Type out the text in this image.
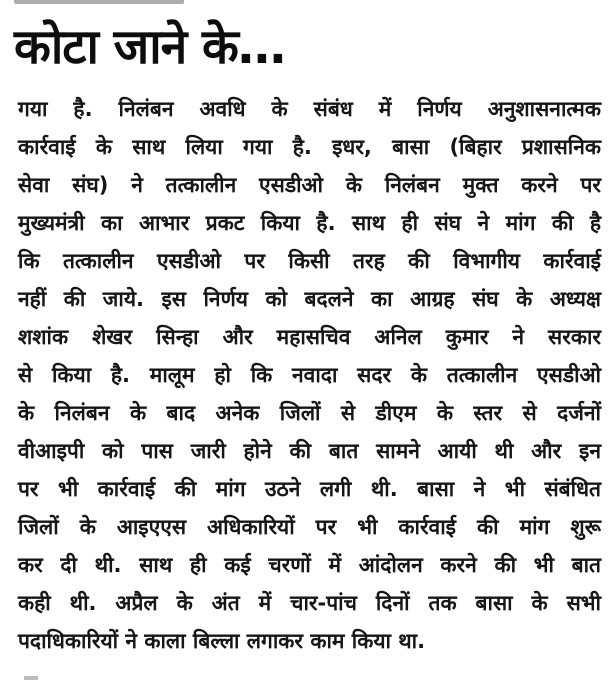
कोटा जाने के…
गया है. निलंबन अवधि के संबंध में निर्णय अनुशासनात्मक
कार्रवाई के साथ लिया गया है. इधर, बासा (बिहार प्रशासनिक
सेवा संघ) ने तत्कालीन एसडीओ के निलंबन मुक्त करने पर
मुख्यमंत्री का आभार प्रकट किया है. साथ ही संघ ने मांग की है
कि तत्कालीन एसडीओ पर किसी तरह की विभागीय कार्रवाई
नहीं की जाये. इस निर्णय को बदलने का आग्रह संघ के अध्यक्ष
शशांक शेखर सिन्हा और महासचिव अनिल कुमार ने सरकार
से किया है. मालूम हो कि नवादा सदर के तत्कालीन एसडीओ
के निलंबन के बाद अनेक जिलों से डीएम के स्तर से दर्जनों
वीआइपी को पास जारी होने की बात सामने आयी थी और इन
पर भी कार्रवाई की मांग उठने लगी थी. बासा ने भी संबंधित
जिलों के आइएएस अधिकारियों पर भी कार्रवाई की मांग शुरू
कर दी थी. साथ ही कई चरणों में आंदोलन करने की भी बात
कही थी. अप्रैल के अंत में चार-पांच दिनों तक बासा के सभी
पदाधिकारियों ने काला बिल्ला लगाकर काम किया था.
